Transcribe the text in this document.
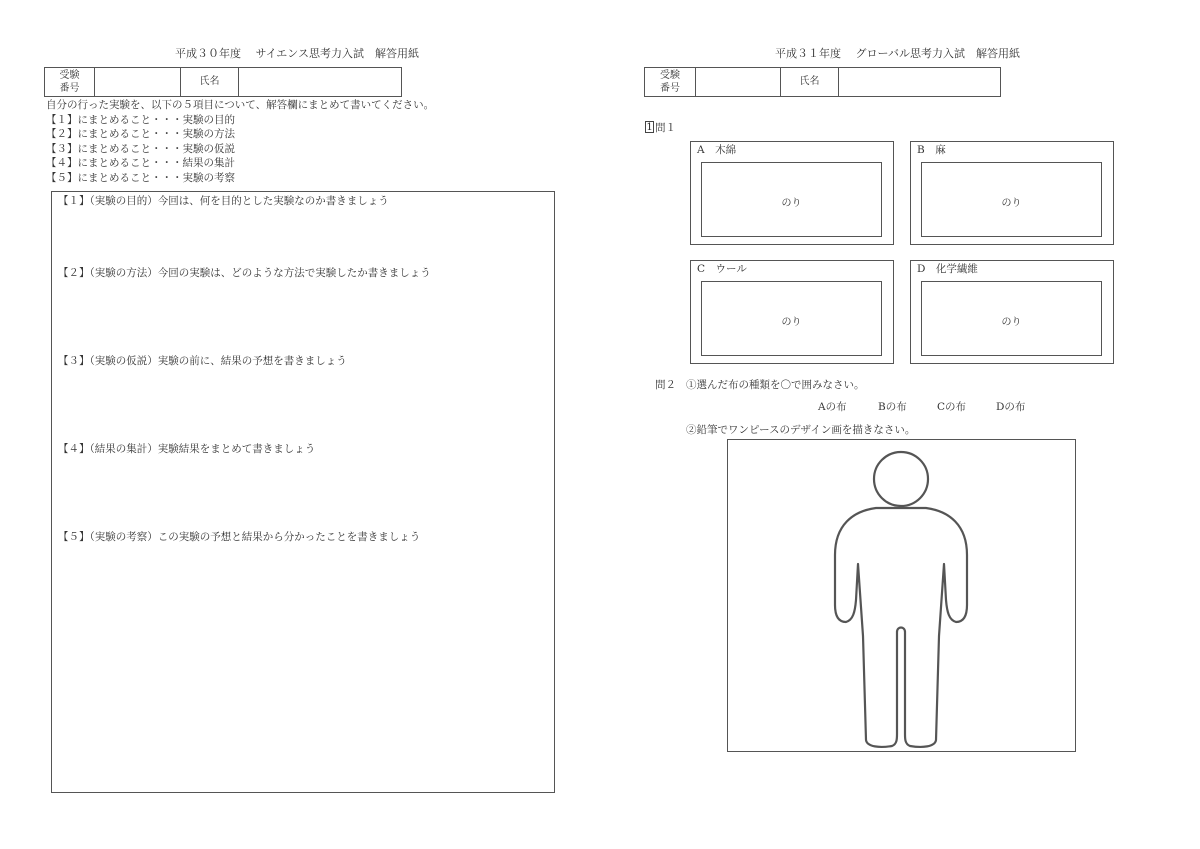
平成３０年度　 サイエンス思考力入試　解答用紙
受験
番号
氏名
自分の行った実験を、以下の５項目について、解答欄にまとめて書いてください。
【１】にまとめること・・・実験の目的
【２】にまとめること・・・実験の方法
【３】にまとめること・・・実験の仮説
【４】にまとめること・・・結果の集計
【５】にまとめること・・・実験の考察
【１】（実験の目的）今回は、何を目的とした実験なのか書きましょう
【２】（実験の方法）今回の実験は、どのような方法で実験したか書きましょう
【３】（実験の仮説）実験の前に、結果の予想を書きましょう
【４】（結果の集計）実験結果をまとめて書きましょう
【５】（実験の考察）この実験の予想と結果から分かったことを書きましょう
平成３１年度　 グローバル思考力入試　解答用紙
受験
番号
氏名
1 問１
A　木綿
のり
B　麻
のり
C　ウール
のり
D　化学繊維
のり
問２ ①選んだ布の種類を〇で囲みなさい。
Aの布	Bの布	Cの布	Dの布
②鉛筆でワンピースのデザイン画を描きなさい。
